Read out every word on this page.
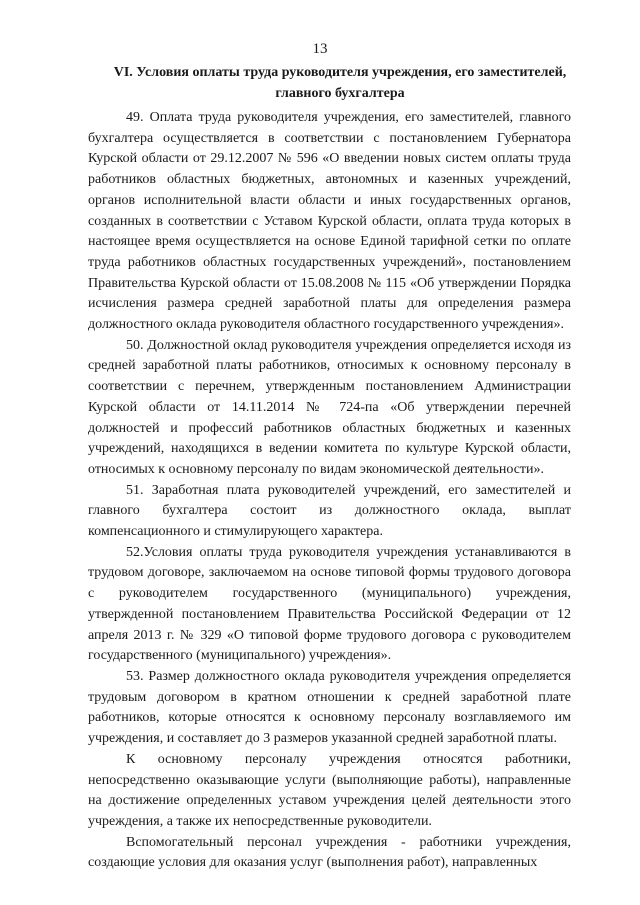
13
VI. Условия оплаты труда руководителя учреждения, его заместителей, главного бухгалтера

49. Оплата труда руководителя учреждения, его заместителей, главного бухгалтера осуществляется в соответствии с постановлением Губернатора Курской области от 29.12.2007 № 596 «О введении новых систем оплаты труда работников областных бюджетных, автономных и казенных учреждений, органов исполнительной власти области и иных государственных органов, созданных в соответствии с Уставом Курской области, оплата труда которых в настоящее время осуществляется на основе Единой тарифной сетки по оплате труда работников областных государственных учреждений», постановлением Правительства Курской области от 15.08.2008 № 115 «Об утверждении Порядка исчисления размера средней заработной платы для определения размера должностного оклада руководителя областного государственного учреждения».

50. Должностной оклад руководителя учреждения определяется исходя из средней заработной платы работников, относимых к основному персоналу в соответствии с перечнем, утвержденным постановлением Администрации Курской области от 14.11.2014 № 724-па «Об утверждении перечней должностей и профессий работников областных бюджетных и казенных учреждений, находящихся в ведении комитета по культуре Курской области, относимых к основному персоналу по видам экономической деятельности».

51. Заработная плата руководителей учреждений, его заместителей и главного бухгалтера состоит из должностного оклада, выплат компенсационного и стимулирующего характера.

52.Условия оплаты труда руководителя учреждения устанавливаются в трудовом договоре, заключаемом на основе типовой формы трудового договора с руководителем государственного (муниципального) учреждения, утвержденной постановлением Правительства Российской Федерации от 12 апреля 2013 г. № 329 «О типовой форме трудового договора с руководителем государственного (муниципального) учреждения».

53. Размер должностного оклада руководителя учреждения определяется трудовым договором в кратном отношении к средней заработной плате работников, которые относятся к основному персоналу возглавляемого им учреждения, и составляет до 3 размеров указанной средней заработной платы.

К основному персоналу учреждения относятся работники, непосредственно оказывающие услуги (выполняющие работы), направленные на достижение определенных уставом учреждения целей деятельности этого учреждения, а также их непосредственные руководители.

Вспомогательный персонал учреждения - работники учреждения, создающие условия для оказания услуг (выполнения работ), направленных
